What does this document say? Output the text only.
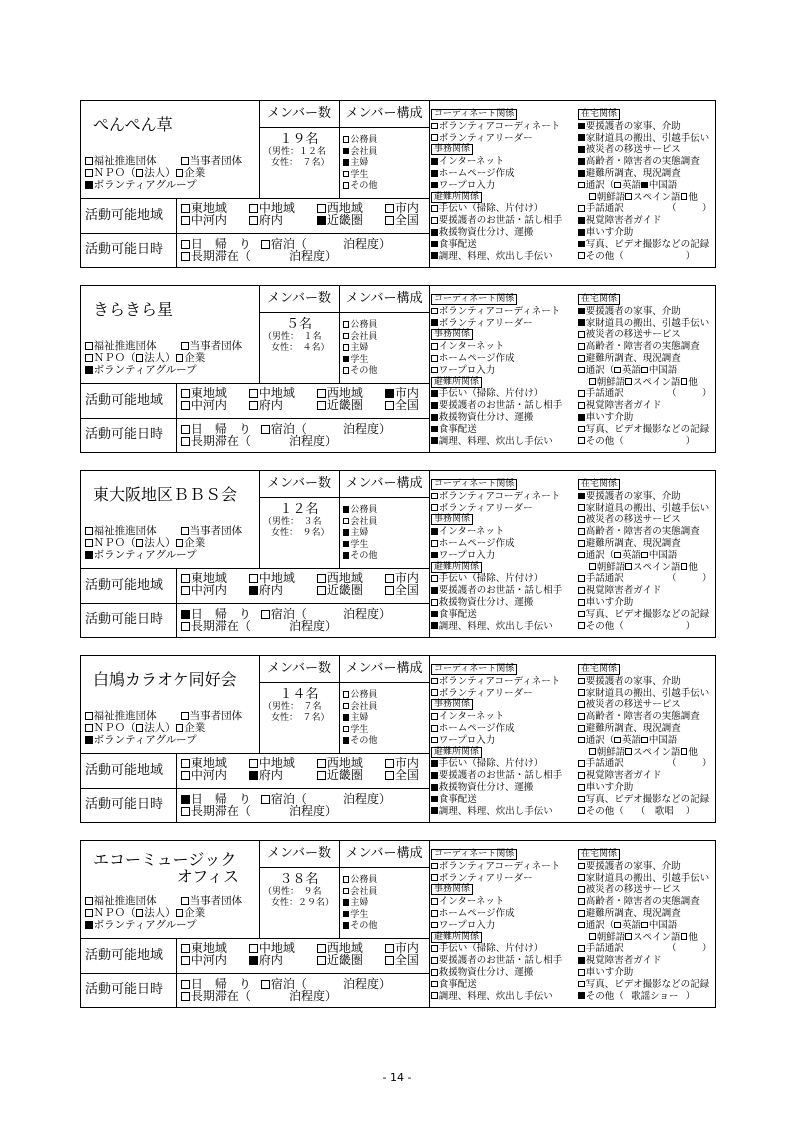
ぺんぺん草
メンバー数	メンバー構成
１９名
（男性：１２名
女性：　７名）
公務員
会社員
主婦
学生
その他
福祉推進団体	当事者団体
ＮＰＯ（ 法人） 企業
ボランティアグループ
活動可能地域	東地域	中地域	西地域	市内
中河内	府内	近畿圏	全国
活動可能日時	日　帰　り	宿泊（	泊程度）
長期滞在（	泊程度）
コーディネート関係
ボランティアコーディネート
ボランティアリーダー
事務関係
インターネット
ホームページ作成
ワープロ入力
避難所関係
手伝い（掃除、片付け）
要援護者のお世話・話し相手
救援物資仕分け、運搬
食事配送
調理、料理、炊出し手伝い
在宅関係
要援護者の家事、介助
家財道具の搬出、引越手伝い
被災者の移送サービス
高齢者・障害者の実態調査
避難所調査、現況調査
通訳（ 英語 中国語
朝鮮語 スペイン語 他
手話通訳	（	）
視覚障害者ガイド
車いす介助
写真、ビデオ撮影などの記録
その他（	）
きらきら星
メンバー数	メンバー構成
５名
（男性：　１名
女性：　４名）
公務員
会社員
主婦
学生
その他
福祉推進団体	当事者団体
ＮＰＯ（ 法人） 企業
ボランティアグループ
活動可能地域	東地域	中地域	西地域	市内
中河内	府内	近畿圏	全国
活動可能日時	日　帰　り	宿泊（	泊程度）
長期滞在（	泊程度）
コーディネート関係
ボランティアコーディネート
ボランティアリーダー
事務関係
インターネット
ホームページ作成
ワープロ入力
避難所関係
手伝い（掃除、片付け）
要援護者のお世話・話し相手
救援物資仕分け、運搬
食事配送
調理、料理、炊出し手伝い
在宅関係
要援護者の家事、介助
家財道具の搬出、引越手伝い
被災者の移送サービス
高齢者・障害者の実態調査
避難所調査、現況調査
通訳（ 英語 中国語
朝鮮語 スペイン語 他
手話通訳	（	）
視覚障害者ガイド
車いす介助
写真、ビデオ撮影などの記録
その他（	）
東大阪地区ＢＢＳ会
メンバー数	メンバー構成
１２名
（男性：　３名
女性：　９名）
公務員
会社員
主婦
学生
その他
福祉推進団体	当事者団体
ＮＰＯ（ 法人） 企業
ボランティアグループ
活動可能地域	東地域	中地域	西地域	市内
中河内	府内	近畿圏	全国
活動可能日時	日　帰　り	宿泊（	泊程度）
長期滞在（	泊程度）
コーディネート関係
ボランティアコーディネート
ボランティアリーダー
事務関係
インターネット
ホームページ作成
ワープロ入力
避難所関係
手伝い（掃除、片付け）
要援護者のお世話・話し相手
救援物資仕分け、運搬
食事配送
調理、料理、炊出し手伝い
在宅関係
要援護者の家事、介助
家財道具の搬出、引越手伝い
被災者の移送サービス
高齢者・障害者の実態調査
避難所調査、現況調査
通訳（ 英語 中国語
朝鮮語 スペイン語 他
手話通訳	（	）
視覚障害者ガイド
車いす介助
写真、ビデオ撮影などの記録
その他（	）
白鳩カラオケ同好会
メンバー数	メンバー構成
１４名
（男性：　７名
女性：　７名）
公務員
会社員
主婦
学生
その他
福祉推進団体	当事者団体
ＮＰＯ（ 法人） 企業
ボランティアグループ
活動可能地域	東地域	中地域	西地域	市内
中河内	府内	近畿圏	全国
活動可能日時	日　帰　り	宿泊（	泊程度）
長期滞在（	泊程度）
コーディネート関係
ボランティアコーディネート
ボランティアリーダー
事務関係
インターネット
ホームページ作成
ワープロ入力
避難所関係
手伝い（掃除、片付け）
要援護者のお世話・話し相手
救援物資仕分け、運搬
食事配送
調理、料理、炊出し手伝い
在宅関係
要援護者の家事、介助
家財道具の搬出、引越手伝い
被災者の移送サービス
高齢者・障害者の実態調査
避難所調査、現況調査
通訳（ 英語 中国語
朝鮮語 スペイン語 他
手話通訳	（	）
視覚障害者ガイド
車いす介助
写真、ビデオ撮影などの記録
その他（ （　歌唱 ）
エコーミュージック
オフィス
メンバー数	メンバー構成
３８名
（男性：　９名
女性：２９名）
公務員
会社員
主婦
学生
その他
福祉推進団体	当事者団体
ＮＰＯ（ 法人） 企業
ボランティアグループ
活動可能地域	東地域	中地域	西地域	市内
中河内	府内	近畿圏	全国
活動可能日時	日　帰　り	宿泊（	泊程度）
長期滞在（	泊程度）
コーディネート関係
ボランティアコーディネート
ボランティアリーダー
事務関係
インターネット
ホームページ作成
ワープロ入力
避難所関係
手伝い（掃除、片付け）
要援護者のお世話・話し相手
救援物資仕分け、運搬
食事配送
調理、料理、炊出し手伝い
在宅関係
要援護者の家事、介助
家財道具の搬出、引越手伝い
被災者の移送サービス
高齢者・障害者の実態調査
避難所調査、現況調査
通訳（ 英語 中国語
朝鮮語 スペイン語 他
手話通訳	（	）
視覚障害者ガイド
車いす介助
写真、ビデオ撮影などの記録
その他（ 歌謡ショー ）
- 14 -
